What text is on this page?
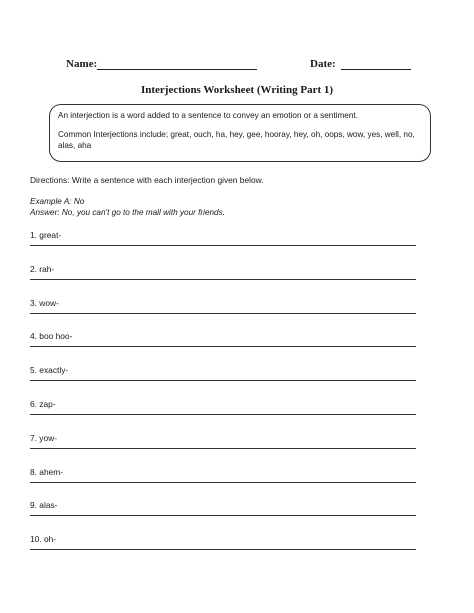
Name:	Date:
Interjections Worksheet (Writing Part 1)

An interjection is a word added to a sentence to convey an emotion or a sentiment.

Common Interjections include; great, ouch, ha, hey, gee, hooray, hey, oh, oops, wow, yes, well, no, alas, aha

Directions: Write a sentence with each interjection given below.
Example A: No
Answer: No, you can't go to the mall with your friends.
1. great-
2. rah-
3. wow-
4. boo hoo-
5. exactly-
6. zap-
7. yow-
8. ahem-
9. alas-
10. oh-
